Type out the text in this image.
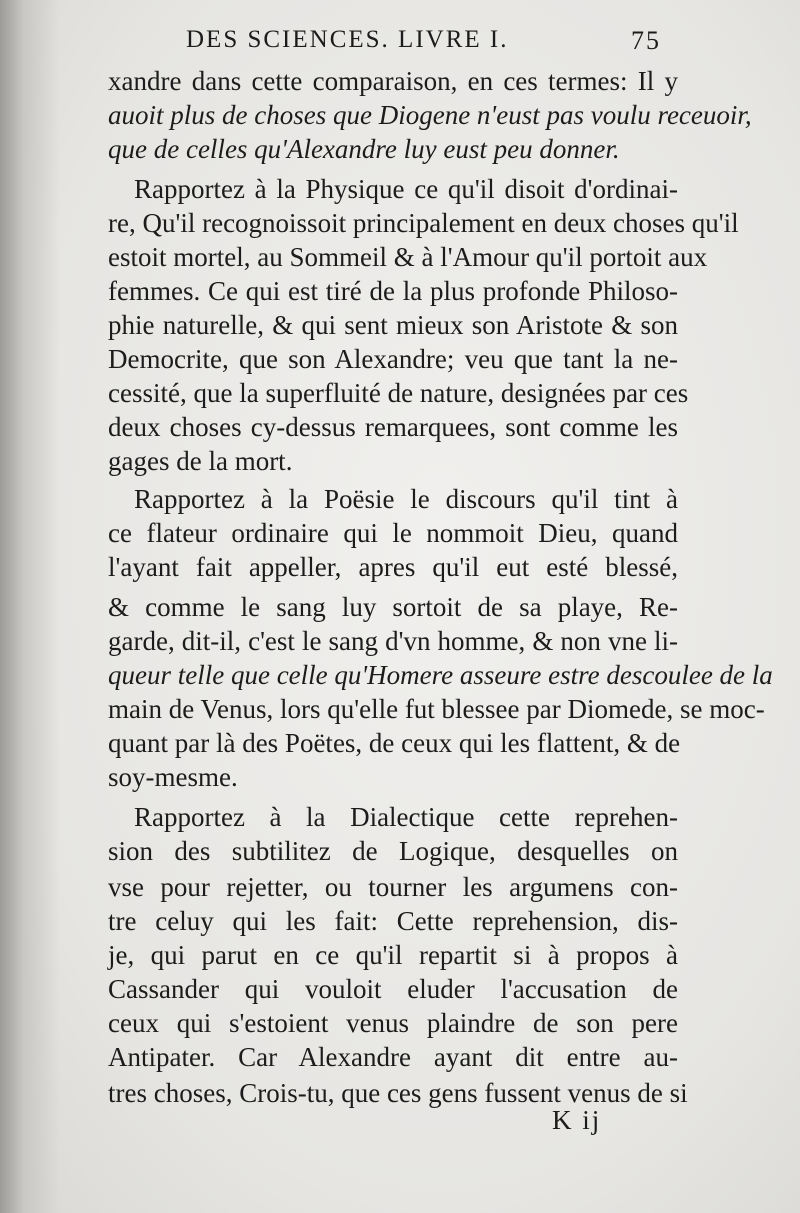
DES SCIENCES. LIVRE I.	75
xandre dans cette comparaison, en ces termes: Il y
auoit plus de choses que Diogene n'eust pas voulu receuoir,
que de celles qu'Alexandre luy eust peu donner.
Rapportez à la Physique ce qu'il disoit d'ordinai-
re, Qu'il recognoissoit principalement en deux choses qu'il
estoit mortel, au Sommeil & à l'Amour qu'il portoit aux
femmes. Ce qui est tiré de la plus profonde Philoso-
phie naturelle, & qui sent mieux son Aristote & son
Democrite, que son Alexandre; veu que tant la ne-
cessité, que la superfluité de nature, designées par ces
deux choses cy-dessus remarquees, sont comme les
gages de la mort.
Rapportez à la Poësie le discours qu'il tint à
ce flateur ordinaire qui le nommoit Dieu, quand
l'ayant fait appeller, apres qu'il eut esté blessé,
& comme le sang luy sortoit de sa playe, Re-
garde, dit-il, c'est le sang d'vn homme, & non vne li-
queur telle que celle qu'Homere asseure estre descoulee de la
main de Venus, lors qu'elle fut blessee par Diomede, se moc-
quant par là des Poëtes, de ceux qui les flattent, & de
soy-mesme.
Rapportez à la Dialectique cette reprehen-
sion des subtilitez de Logique, desquelles on
vse pour rejetter, ou tourner les argumens con-
tre celuy qui les fait: Cette reprehension, dis-
je, qui parut en ce qu'il repartit si à propos à
Cassander qui vouloit eluder l'accusation de
ceux qui s'estoient venus plaindre de son pere
Antipater. Car Alexandre ayant dit entre au-
tres choses, Crois-tu, que ces gens fussent venus de si
K ij
